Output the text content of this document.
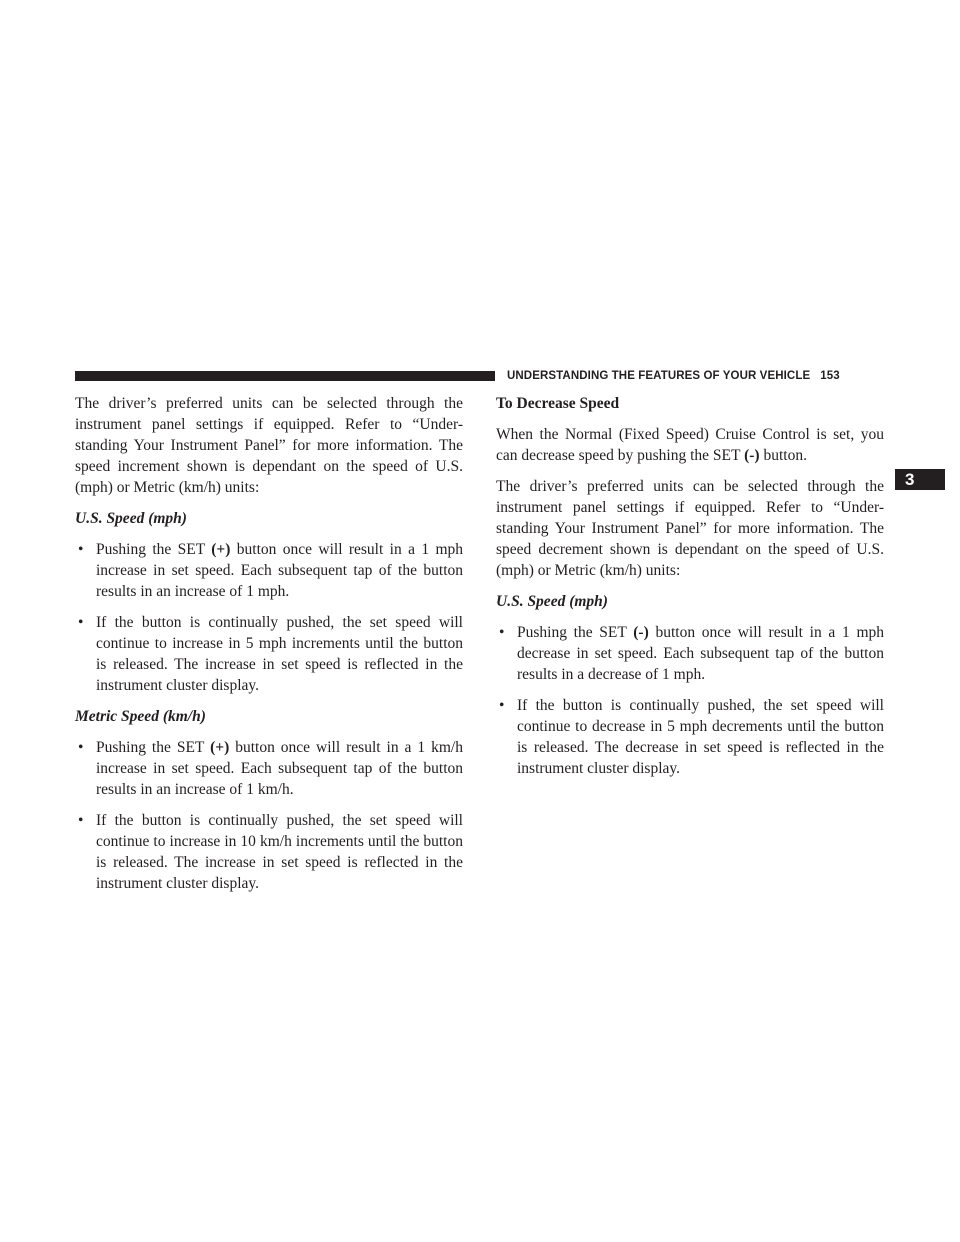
UNDERSTANDING THE FEATURES OF YOUR VEHICLE 153
3

The driver’s preferred units can be selected through the instrument panel settings if equipped. Refer to “Under-standing Your Instrument Panel” for more information. The speed increment shown is dependant on the speed of U.S. (mph) or Metric (km/h) units:

U.S. Speed (mph)

• Pushing the SET (+) button once will result in a 1 mph increase in set speed. Each subsequent tap of the button results in an increase of 1 mph.
• If the button is continually pushed, the set speed will continue to increase in 5 mph increments until the button is released. The increase in set speed is reflected in the instrument cluster display.

Metric Speed (km/h)

• Pushing the SET (+) button once will result in a 1 km/h increase in set speed. Each subsequent tap of the button results in an increase of 1 km/h.
• If the button is continually pushed, the set speed will continue to increase in 10 km/h increments until the button is released. The increase in set speed is reflected in the instrument cluster display.

To Decrease Speed

When the Normal (Fixed Speed) Cruise Control is set, you can decrease speed by pushing the SET (-) button.

The driver’s preferred units can be selected through the instrument panel settings if equipped. Refer to “Under-standing Your Instrument Panel” for more information. The speed decrement shown is dependant on the speed of U.S. (mph) or Metric (km/h) units:

U.S. Speed (mph)

• Pushing the SET (-) button once will result in a 1 mph decrease in set speed. Each subsequent tap of the button results in a decrease of 1 mph.
• If the button is continually pushed, the set speed will continue to decrease in 5 mph decrements until the button is released. The decrease in set speed is reflected in the instrument cluster display.
